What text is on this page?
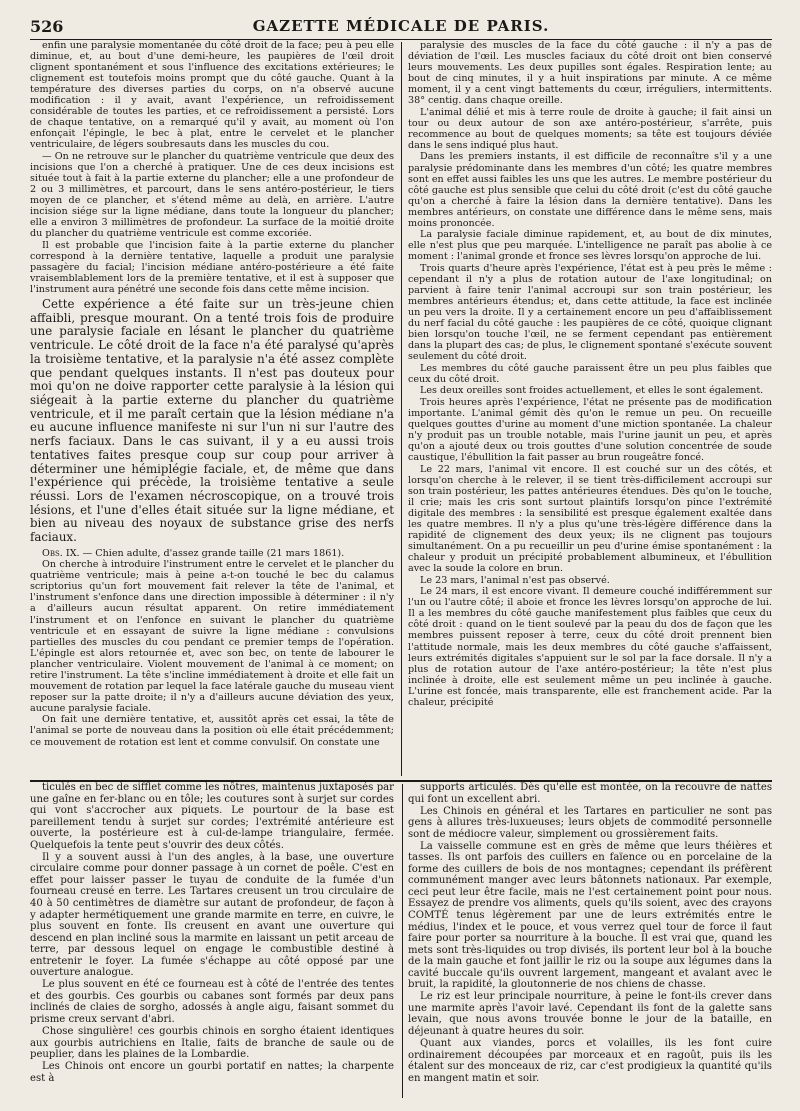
526	GAZETTE MÉDICALE DE PARIS.

enfin une paralysie momentanée du côté droit de la face; peu à peu elle diminue, et, au bout d'une demi-heure, les paupières de l'œil droit clignent spontanément et sous l'influence des excitations extérieures; le clignement est toutefois moins prompt que du côté gauche. Quant à la température des diverses parties du corps, on n'a observé aucune modification : il y avait, avant l'expérience, un refroidissement considérable de toutes les parties, et ce refroidissement a persisté. Lors de chaque tentative, on a remarqué qu'il y avait, au moment où l'on enfonçait l'épingle, le bec à plat, entre le cervelet et le plancher ventriculaire, de légers soubresauts dans les muscles du cou.

— On ne retrouve sur le plancher du quatrième ventricule que deux des incisions que l'on a cherché à pratiquer. Une de ces deux incisions est située tout à fait à la partie externe du plancher; elle a une profondeur de 2 ou 3 millimètres, et parcourt, dans le sens antéro-postérieur, le tiers moyen de ce plancher, et s'étend même au delà, en arrière. L'autre incision siége sur la ligne médiane, dans toute la longueur du plancher; elle a environ 3 millimètres de profondeur. La surface de la moitié droite du plancher du quatrième ventricule est comme excoriée.

Il est probable que l'incision faite à la partie externe du plancher correspond à la dernière tentative, laquelle a produit une paralysie passagère du facial; l'incision médiane antéro-postérieure a été faite vraisemblablement lors de la première tentative, et il est à supposer que l'instrument aura pénétré une seconde fois dans cette même incision.

Cette expérience a été faite sur un très-jeune chien affaibli, presque mourant. On a tenté trois fois de produire une paralysie faciale en lésant le plancher du quatrième ventricule. Le côté droit de la face n'a été paralysé qu'après la troisième tentative, et la paralysie n'a été assez complète que pendant quelques instants. Il n'est pas douteux pour moi qu'on ne doive rapporter cette paralysie à la lésion qui siégeait à la partie externe du plancher du quatrième ventricule, et il me paraît certain que la lésion médiane n'a eu aucune influence manifeste ni sur l'un ni sur l'autre des nerfs faciaux. Dans le cas suivant, il y a eu aussi trois tentatives faites presque coup sur coup pour arriver à déterminer une hémiplégie faciale, et, de même que dans l'expérience qui précède, la troisième tentative a seule réussi. Lors de l'examen nécroscopique, on a trouvé trois lésions, et l'une d'elles était située sur la ligne médiane, et bien au niveau des noyaux de substance grise des nerfs faciaux.

Obs. IX. — Chien adulte, d'assez grande taille (21 mars 1861).

On cherche à introduire l'instrument entre le cervelet et le plancher du quatrième ventricule; mais à peine a-t-on touché le bec du calamus scriptorius qu'un fort mouvement fait relever la tête de l'animal, et l'instrument s'enfonce dans une direction impossible à déterminer : il n'y a d'ailleurs aucun résultat apparent. On retire immédiatement l'instrument et on l'enfonce en suivant le plancher du quatrième ventricule et en essayant de suivre la ligne médiane : convulsions partielles des muscles du cou pendant ce premier temps de l'opération. L'épingle est alors retournée et, avec son bec, on tente de labourer le plancher ventriculaire. Violent mouvement de l'animal à ce moment; on retire l'instrument. La tête s'incline immédiatement à droite et elle fait un mouvement de rotation par lequel la face latérale gauche du museau vient reposer sur la patte droite; il n'y a d'ailleurs aucune déviation des yeux, aucune paralysie faciale.

On fait une dernière tentative, et, aussitôt après cet essai, la tête de l'animal se porte de nouveau dans la position où elle était précédemment; ce mouvement de rotation est lent et comme convulsif. On constate une

paralysie des muscles de la face du côté gauche : il n'y a pas de déviation de l'œil. Les muscles faciaux du côté droit ont bien conservé leurs mouvements. Les deux pupilles sont égales. Respiration lente; au bout de cinq minutes, il y a huit inspirations par minute. A ce même moment, il y a cent vingt battements du cœur, irréguliers, intermittents. 38° centig. dans chaque oreille.

L'animal délié et mis à terre roule de droite à gauche; il fait ainsi un tour ou deux autour de son axe antéro-postérieur, s'arrête, puis recommence au bout de quelques moments; sa tête est toujours déviée dans le sens indiqué plus haut.

Dans les premiers instants, il est difficile de reconnaître s'il y a une paralysie prédominante dans les membres d'un côté; les quatre membres sont en effet aussi faibles les uns que les autres. Le membre postérieur du côté gauche est plus sensible que celui du côté droit (c'est du côté gauche qu'on a cherché à faire la lésion dans la dernière tentative). Dans les membres antérieurs, on constate une différence dans le même sens, mais moins prononcée.

La paralysie faciale diminue rapidement, et, au bout de dix minutes, elle n'est plus que peu marquée. L'intelligence ne paraît pas abolie à ce moment : l'animal gronde et fronce ses lèvres lorsqu'on approche de lui.

Trois quarts d'heure après l'expérience, l'état est à peu près le même : cependant il n'y a plus de rotation autour de l'axe longitudinal; on parvient à faire tenir l'animal accroupi sur son train postérieur, les membres antérieurs étendus; et, dans cette attitude, la face est inclinée un peu vers la droite. Il y a certainement encore un peu d'affaiblissement du nerf facial du côté gauche : les paupières de ce côté, quoique clignant bien lorsqu'on touche l'œil, ne se ferment cependant pas entièrement dans la plupart des cas; de plus, le clignement spontané s'exécute souvent seulement du côté droit.

Les membres du côté gauche paraissent être un peu plus faibles que ceux du côté droit.

Les deux oreilles sont froides actuellement, et elles le sont également.

Trois heures après l'expérience, l'état ne présente pas de modification importante. L'animal gémit dès qu'on le remue un peu. On recueille quelques gouttes d'urine au moment d'une miction spontanée. La chaleur n'y produit pas un trouble notable, mais l'urine jaunit un peu, et après qu'on a ajouté deux ou trois gouttes d'une solution concentrée de soude caustique, l'ébullition la fait passer au brun rougeâtre foncé.

Le 22 mars, l'animal vit encore. Il est couché sur un des côtés, et lorsqu'on cherche à le relever, il se tient très-difficilement accroupi sur son train postérieur, les pattes antérieures étendues. Dès qu'on le touche, il crie; mais les cris sont surtout plaintifs lorsqu'on pince l'extrémité digitale des membres : la sensibilité est presque également exaltée dans les quatre membres. Il n'y a plus qu'une très-légère différence dans la rapidité de clignement des deux yeux; ils ne clignent pas toujours simultanément. On a pu recueillir un peu d'urine émise spontanément : la chaleur y produit un précipité probablement albumineux, et l'ébullition avec la soude la colore en brun.

Le 23 mars, l'animal n'est pas observé.

Le 24 mars, il est encore vivant. Il demeure couché indifféremment sur l'un ou l'autre côté; il aboie et fronce les lèvres lorsqu'on approche de lui. Il a les membres du côté gauche manifestement plus faibles que ceux du côté droit : quand on le tient soulevé par la peau du dos de façon que les membres puissent reposer à terre, ceux du côté droit prennent bien l'attitude normale, mais les deux membres du côté gauche s'affaissent, leurs extrémités digitales s'appuient sur le sol par la face dorsale. Il n'y a plus de rotation autour de l'axe antéro-postérieur; la tête n'est plus inclinée à droite, elle est seulement même un peu inclinée à gauche. L'urine est foncée, mais transparente, elle est franchement acide. Par la chaleur, précipité

ticulés en bec de sifflet comme les nôtres, maintenus juxtaposés par une gaîne en fer-blanc ou en tôle; les coutures sont à surjet sur cordes qui vont s'accrocher aux piquets. Le pourtour de la base est pareillement tendu à surjet sur cordes; l'extrémité antérieure est ouverte, la postérieure est à cul-de-lampe triangulaire, fermée. Quelquefois la tente peut s'ouvrir des deux côtés.

Il y a souvent aussi à l'un des angles, à la base, une ouverture circulaire comme pour donner passage à un cornet de poêle. C'est en effet pour laisser passer le tuyau de conduite de la fumée d'un fourneau creusé en terre. Les Tartares creusent un trou circulaire de 40 à 50 centimètres de diamètre sur autant de profondeur, de façon à y adapter hermétiquement une grande marmite en terre, en cuivre, le plus souvent en fonte. Ils creusent en avant une ouverture qui descend en plan incliné sous la marmite en laissant un petit arceau de terre, par dessous lequel on engage le combustible destiné à entretenir le foyer. La fumée s'échappe au côté opposé par une ouverture analogue.

Le plus souvent en été ce fourneau est à côté de l'entrée des tentes et des gourbis. Ces gourbis ou cabanes sont formés par deux pans inclinés de claies de sorgho, adossés à angle aigu, faisant sommet du prisme creux servant d'abri.

Chose singulière! ces gourbis chinois en sorgho étaient identiques aux gourbis autrichiens en Italie, faits de branche de saule ou de peuplier, dans les plaines de la Lombardie.

Les Chinois ont encore un gourbi portatif en nattes; la charpente est à

supports articulés. Dès qu'elle est montée, on la recouvre de nattes qui font un excellent abri.

Les Chinois en général et les Tartares en particulier ne sont pas gens à allures très-luxueuses; leurs objets de commodité personnelle sont de médiocre valeur, simplement ou grossièrement faits.

La vaisselle commune est en grès de même que leurs théières et tasses. Ils ont parfois des cuillers en faïence ou en porcelaine de la forme des cuillers de bois de nos montagnes; cependant ils préfèrent communément manger avec leurs bâtonnets nationaux. Par exemple, ceci peut leur être facile, mais ne l'est certainement point pour nous. Essayez de prendre vos aliments, quels qu'ils soient, avec des crayons COMTÉ tenus légèrement par une de leurs extrémités entre le médius, l'index et le pouce, et vous verrez quel tour de force il faut faire pour porter sa nourriture à la bouche. Il est vrai que, quand les mets sont très-liquides ou trop divisés, ils portent leur bol à la bouche de la main gauche et font jaillir le riz ou la soupe aux légumes dans la cavité buccale qu'ils ouvrent largement, mangeant et avalant avec le bruit, la rapidité, la gloutonnerie de nos chiens de chasse.

Le riz est leur principale nourriture, à peine le font-ils crever dans une marmite après l'avoir lavé. Cependant ils font de la galette sans levain, que nous avons trouvée bonne le jour de la bataille, en déjeunant à quatre heures du soir.

Quant aux viandes, porcs et volailles, ils les font cuire ordinairement découpées par morceaux et en ragoût, puis ils les étalent sur des monceaux de riz, car c'est prodigieux la quantité qu'ils en mangent matin et soir.
